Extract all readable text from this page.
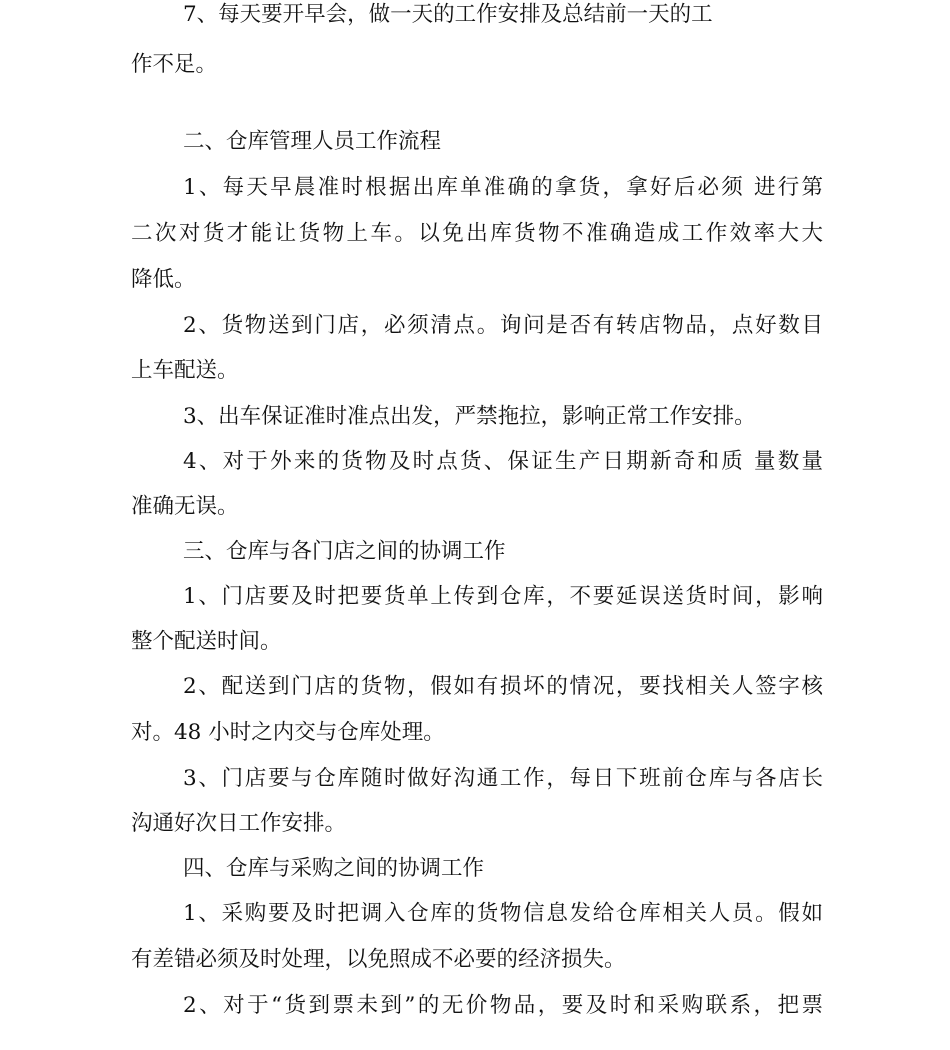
7、每天要开早会，做一天的工作安排及总结前一天的工
作不足。
二、仓库管理人员工作流程
1、每天早晨准时根据出库单准确的拿货，拿好后必须 进行第
二次对货才能让货物上车。以免出库货物不准确造成工作效率大大
降低。
2、货物送到门店，必须清点。询问是否有转店物品，点好数目
上车配送。
3、出车保证准时准点出发，严禁拖拉，影响正常工作安排。
4、对于外来的货物及时点货、保证生产日期新奇和质 量数量
准确无误。
三、仓库与各门店之间的协调工作
1、门店要及时把要货单上传到仓库，不要延误送货时间，影响
整个配送时间。
2、配送到门店的货物，假如有损坏的情况，要找相关人签字核
对。48 小时之内交与仓库处理。
3、门店要与仓库随时做好沟通工作，每日下班前仓库与各店长
沟通好次日工作安排。
四、仓库与采购之间的协调工作
1、采购要及时把调入仓库的货物信息发给仓库相关人员。假如
有差错必须及时处理，以免照成不必要的经济损失。
2、对于“货到票未到”的无价物品，要及时和采购联系，把票
